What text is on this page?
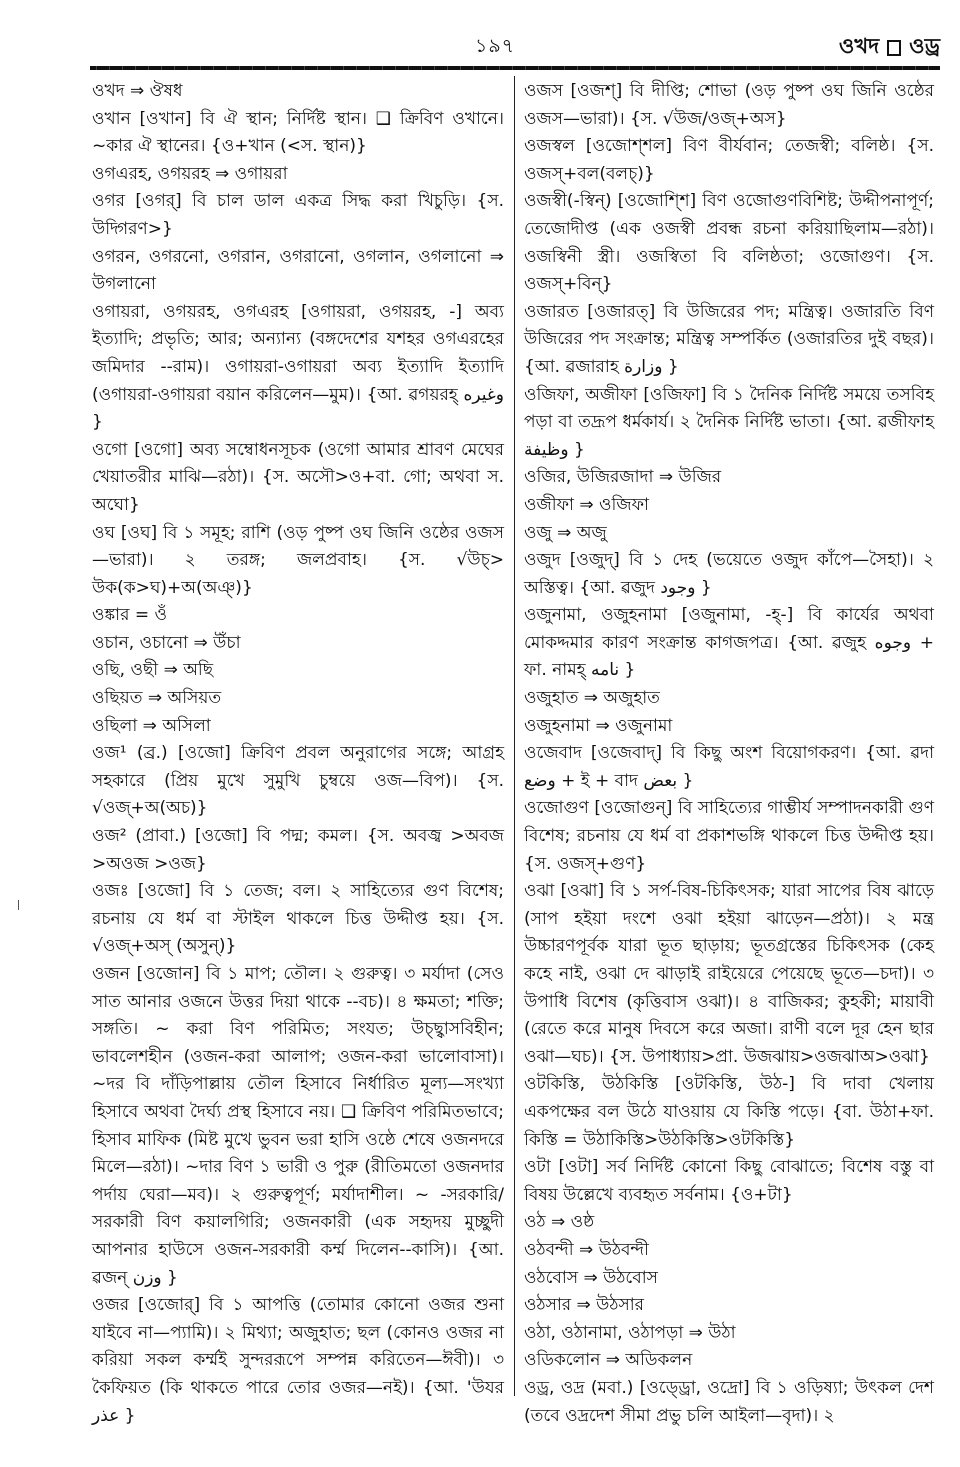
১৯৭	ওখদ ওড্র

ওখদ ⇒ ঔষধ

ওখান [ওখান] বি ঐ স্থান; নির্দিষ্ট স্থান। ❑ ক্রিবিণ ওখানে। ~কার ঐ স্থানের। {ও+খান (<স. স্থান)}

ওগএরহ, ওগয়রহ ⇒ ওগায়রা

ওগর [ওগর্] বি চাল ডাল একত্র সিদ্ধ করা খিচুড়ি। {স. উদ্গিরণ>}

ওগরন, ওগরনো, ওগরান, ওগরানো, ওগলান, ওগলানো ⇒ উগলানো

ওগায়রা, ওগয়রহ, ওগএরহ [ওগায়রা, ওগয়রহ, -] অব্য ইত্যাদি; প্রভৃতি; আর; অন্যান্য (বঙ্গদেশের যশহর ওগএরহের জমিদার --রাম)। ওগায়রা-ওগায়রা অব্য ইত্যাদি ইত্যাদি (ওগায়রা-ওগায়রা বয়ান করিলেন—মুম)। {আ. ৱগয়রহ্ وغيره }

ওগো [ওগো] অব্য সম্বোধনসূচক (ওগো আমার শ্রাবণ মেঘের খেয়াতরীর মাঝি—রঠা)। {স. অসৌ>ও+বা. গো; অথবা স. অঘো}

ওঘ [ওঘ] বি ১ সমূহ; রাশি (ওড় পুষ্প ওঘ জিনি ওষ্ঠের ওজস—ভারা)। ২ তরঙ্গ; জলপ্রবাহ। {স. √উচ্> উক(ক>ঘ)+অ(অঞ্)}

ওঙ্কার = ওঁ

ওচান, ওচানো ⇒ উঁচা

ওছি, ওছী ⇒ অছি

ওছিয়ত ⇒ অসিয়ত

ওছিলা ⇒ অসিলা

ওজ¹ (ব্র.) [ওজো] ক্রিবিণ প্রবল অনুরাগের সঙ্গে; আগ্রহ সহকারে (প্রিয় মুখে সুমুখি চুম্বয়ে ওজ—বিপ)। {স. √ওজ্+অ(অচ)}

ওজ² (প্রাবা.) [ওজো] বি পদ্ম; কমল। {স. অবজ্ব >অবজ >অওজ >ওজ}

ওজঃ [ওজো] বি ১ তেজ; বল। ২ সাহিত্যের গুণ বিশেষ; রচনায় যে ধর্ম বা স্টাইল থাকলে চিত্ত উদ্দীপ্ত হয়। {স. √ওজ্+অস্ (অসুন্)}

ওজন [ওজোন] বি ১ মাপ; তৌল। ২ গুরুত্ব। ৩ মর্যাদা (সেও সাত আনার ওজনে উত্তর দিয়া থাকে --বচ)। ৪ ক্ষমতা; শক্তি; সঙ্গতি। ~ করা বিণ পরিমিত; সংযত; উচ্ছ্বাসবিহীন; ভাবলেশহীন (ওজন-করা আলাপ; ওজন-করা ভালোবাসা)। ~দর বি দাঁড়িপাল্লায় তৌল হিসাবে নির্ধারিত মূল্য—সংখ্যা হিসাবে অথবা দৈর্ঘ্য প্রস্থ হিসাবে নয়। ❑ ক্রিবিণ পরিমিতভাবে; হিসাব মাফিক (মিষ্ট মুখে ভুবন ভরা হাসি ওষ্ঠে শেষে ওজনদরে মিলে—রঠা)। ~দার বিণ ১ ভারী ও পুরু (রীতিমতো ওজনদার পর্দায় ঘেরা—মব)। ২ গুরুত্বপূর্ণ; মর্যাদাশীল। ~ -সরকারি/ সরকারী বিণ কয়ালগিরি; ওজনকারী (এক সহৃদয় মুচ্ছুদী আপনার হাউসে ওজন-সরকারী কর্ম্ম দিলেন--কাসি)। {আ. ৱজন্ وزن }

ওজর [ওজোর্] বি ১ আপত্তি (তোমার কোনো ওজর শুনা যাইবে না—প্যামি)। ২ মিথ্যা; অজুহাত; ছল (কোনও ওজর না করিয়া সকল কর্ম্মই সুন্দররূপে সম্পন্ন করিতেন—ঈবী)। ৩ কৈফিয়ত (কি থাকতে পারে তোর ওজর—নই)। {আ. 'উযর عذر }

ওজস [ওজশ্] বি দীপ্তি; শোভা (ওড় পুষ্প ওঘ জিনি ওষ্ঠের ওজস—ভারা)। {স. √উজ/ওজ্+অস}

ওজস্বল [ওজোশ্শল] বিণ বীর্যবান; তেজস্বী; বলিষ্ঠ। {স. ওজস্+বল(বলচ্)}

ওজস্বী(-স্বিন্) [ওজোশ্শি] বিণ ওজোগুণবিশিষ্ট; উদ্দীপনাপূর্ণ; তেজোদীপ্ত (এক ওজস্বী প্রবন্ধ রচনা করিয়াছিলাম—রঠা)। ওজস্বিনী স্ত্রী। ওজস্বিতা বি বলিষ্ঠতা; ওজোগুণ। {স. ওজস্+বিন্}

ওজারত [ওজারত্] বি উজিরের পদ; মন্ত্রিত্ব। ওজারতি বিণ উজিরের পদ সংক্রান্ত; মন্ত্রিত্ব সম্পর্কিত (ওজারতির দুই বছর)। {আ. ৱজারাহ وزارة }

ওজিফা, অজীফা [ওজিফা] বি ১ দৈনিক নির্দিষ্ট সময়ে তসবিহ পড়া বা তদ্রূপ ধর্মকার্য। ২ দৈনিক নির্দিষ্ট ভাতা। {আ. ৱজীফাহ وظيفة }

ওজির, উজিরজাদা ⇒ উজির

ওজীফা ⇒ ওজিফা

ওজু ⇒ অজু

ওজুদ [ওজুদ্] বি ১ দেহ (ভয়েতে ওজুদ কাঁপে—সৈহা)। ২ অস্তিত্ব। {আ. ৱজুদ وجود }

ওজুনামা, ওজুহনামা [ওজুনামা, -হ্-] বি কার্যের অথবা মোকদ্দমার কারণ সংক্রান্ত কাগজপত্র। {আ. ৱজুহ وجوه + ফা. নামহ্ نامه }

ওজুহাত ⇒ অজুহাত

ওজুহনামা ⇒ ওজুনামা

ওজেবাদ [ওজেবাদ্] বি কিছু অংশ বিয়োগকরণ। {আ. ৱদা وضع + ই + বাদ بعض }

ওজোগুণ [ওজোগুন্] বি সাহিত্যের গাম্ভীর্য সম্পাদনকারী গুণ বিশেষ; রচনায় যে ধর্ম বা প্রকাশভঙ্গি থাকলে চিত্ত উদ্দীপ্ত হয়। {স. ওজস্+গুণ}

ওঝা [ওঝা] বি ১ সর্প-বিষ-চিকিৎসক; যারা সাপের বিষ ঝাড়ে (সাপ হইয়া দংশে ওঝা হইয়া ঝাড়েন—প্রঠা)। ২ মন্ত্র উচ্চারণপূর্বক যারা ভূত ছাড়ায়; ভূতগ্রস্তের চিকিৎসক (কেহ কহে নাই, ওঝা দে ঝাড়াই রাইয়েরে পেয়েছে ভূতে—চদা)। ৩ উপাধি বিশেষ (কৃত্তিবাস ওঝা)। ৪ বাজিকর; কুহকী; মায়াবী (রেতে করে মানুষ দিবসে করে অজা। রাণী বলে দূর হেন ছার ওঝা—ঘচ)। {স. উপাধ্যায়>প্রা. উজঝায়>ওজঝাঅ>ওঝা}

ওটকিস্তি, উঠকিস্তি [ওটকিস্তি, উঠ-] বি দাবা খেলায় একপক্ষের বল উঠে যাওয়ায় যে কিস্তি পড়ে। {বা. উঠা+ফা. কিস্তি = উঠাকিস্তি>উঠকিস্তি>ওটকিস্তি}

ওটা [ওটা] সর্ব নির্দিষ্ট কোনো কিছু বোঝাতে; বিশেষ বস্তু বা বিষয় উল্লেখে ব্যবহৃত সর্বনাম। {ও+টা}

ওঠ ⇒ ওষ্ঠ

ওঠবন্দী ⇒ উঠবন্দী

ওঠবোস ⇒ উঠবোস

ওঠসার ⇒ উঠসার

ওঠা, ওঠানামা, ওঠাপড়া ⇒ উঠা

ওডিকলোন ⇒ অডিকলন

ওড্র, ওদ্র (মবা.) [ওড্ড্রো, ওদ্রো] বি ১ ওড়িষ্যা; উৎকল দেশ (তবে ওদ্রদেশ সীমা প্রভু চলি আইলা—বৃদা)। ২
